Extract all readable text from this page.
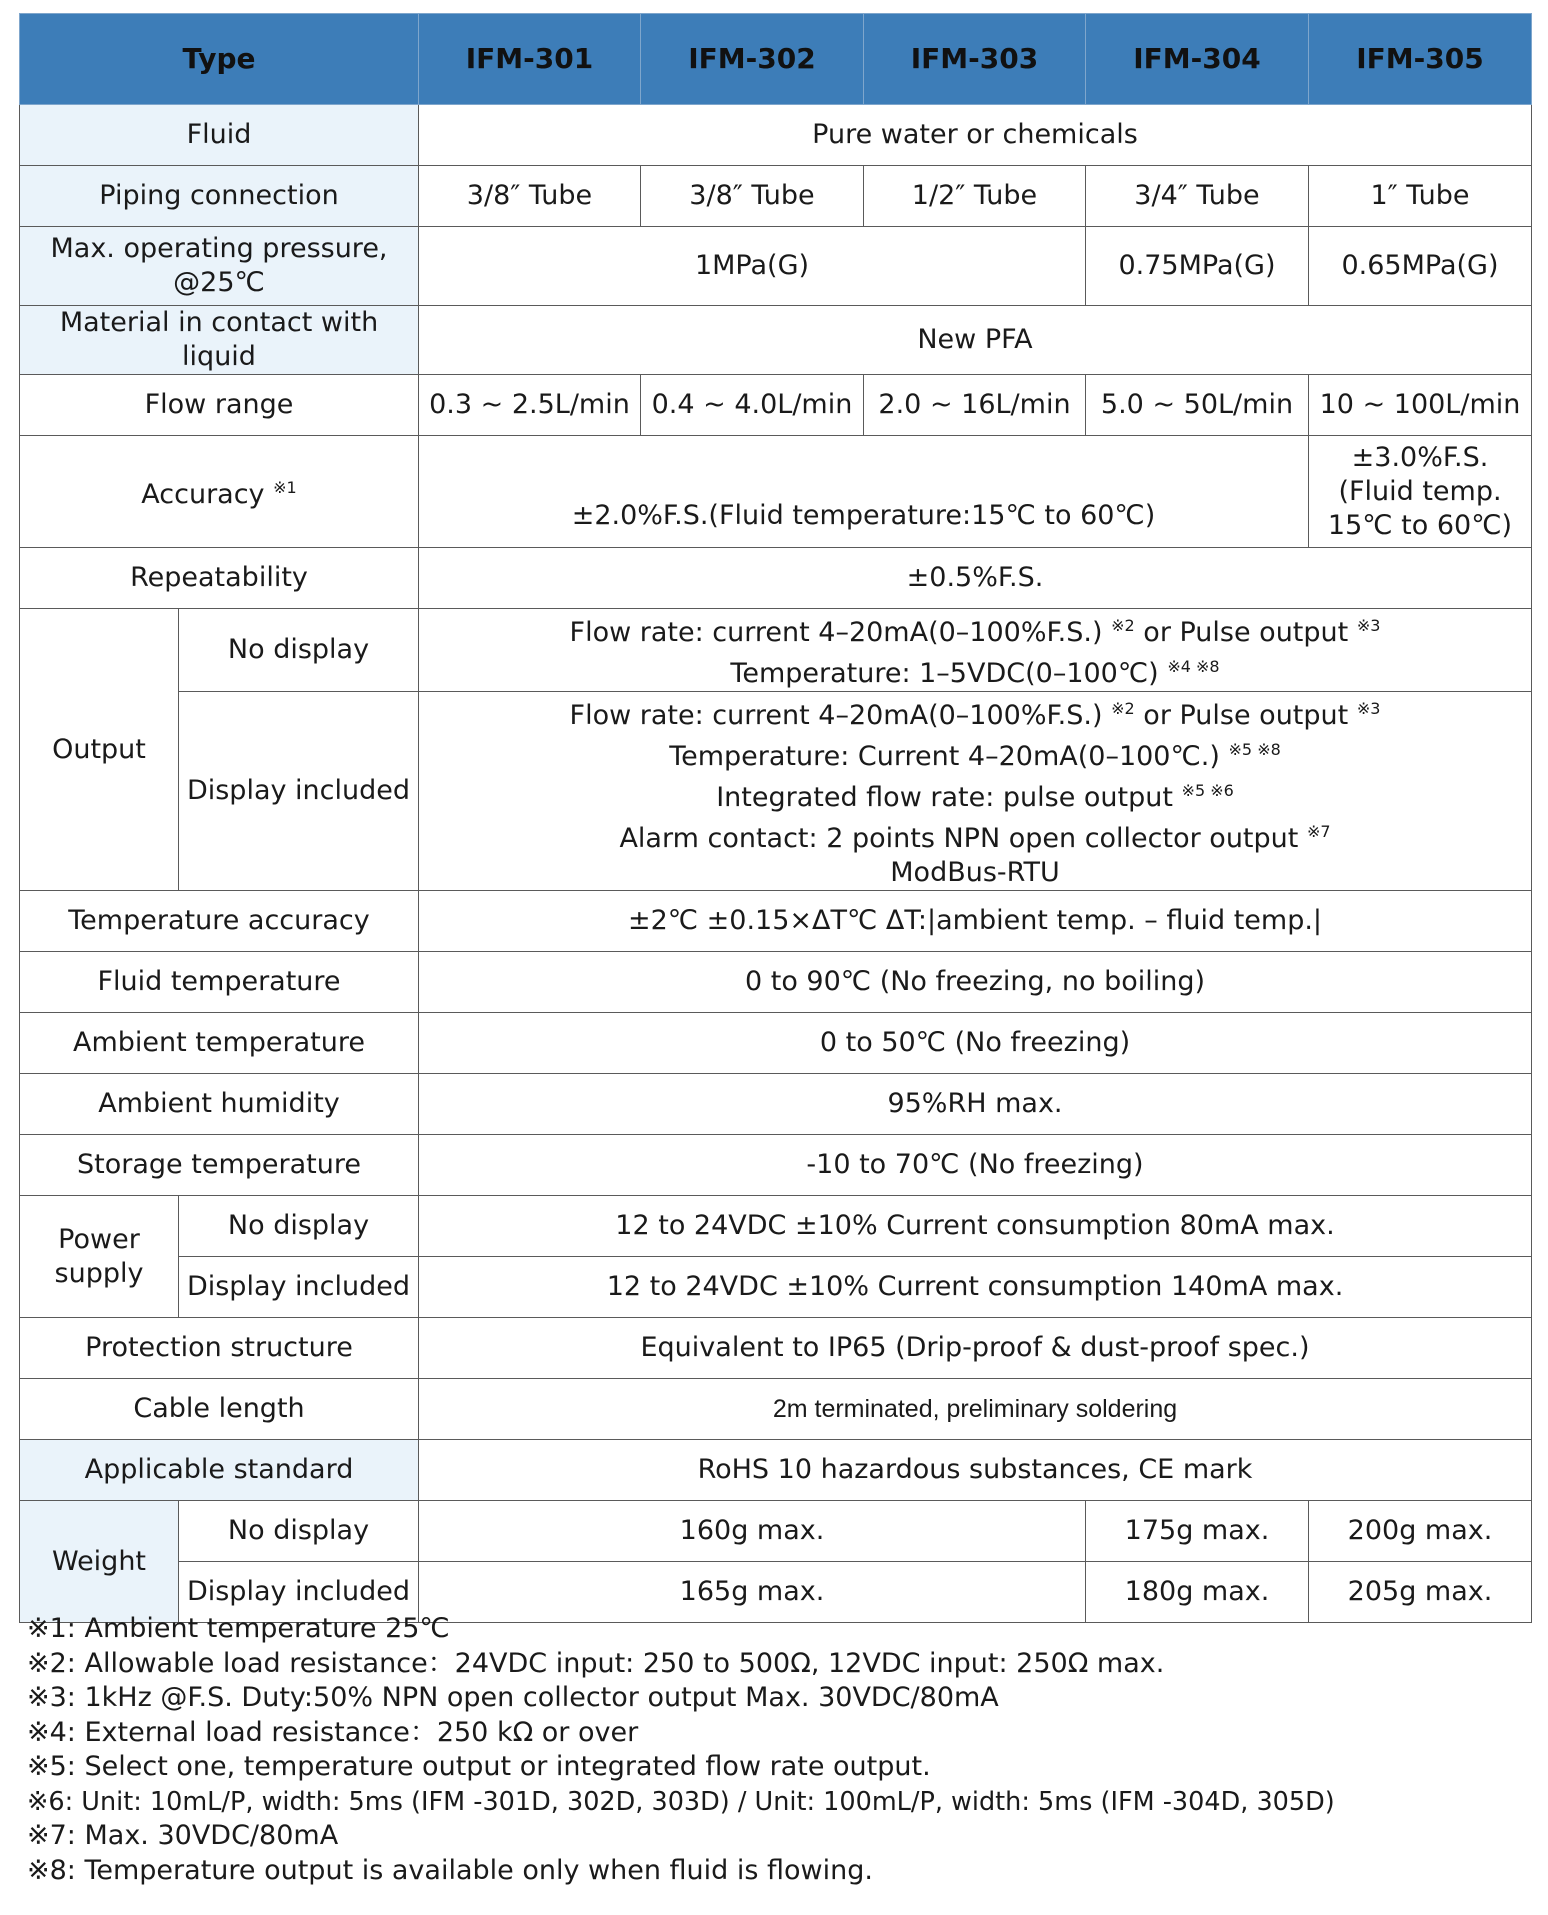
Type		IFM-301	IFM-302	IFM-303	IFM-304	IFM-305
Fluid		Pure water or chemicals				
Piping connection		3/8″ Tube	3/8″ Tube	1/2″ Tube	3/4″ Tube	1″ Tube

Max. operating pressure,
@25℃		1MPa(G)			0.75MPa(G)	0.65MPa(G)
Material in contact with liquid		New PFA				
Flow range		0.3 ~ 2.5L/min	0.4 ~ 4.0L/min	2.0 ~ 16L/min	5.0 ~ 50L/min	10 ~ 100L/min
Accuracy $^{※1}$		±2.0%F.S.(Fluid temperature:15℃ to 60℃)				±3.0%F.S.
(Fluid temp.
15℃ to 60℃)

Repeatability		±0.5%F.S.				
Output	No display	Flow rate: current 4–20mA(0–100%F.S.) $^{※2}$ or Pulse output $^{※3}$
Temperature: 1–5VDC(0–100℃) $^{※4 ※8}$

	Display included	Flow rate: current 4–20mA(0–100%F.S.) $^{※2}$ or Pulse output $^{※3}$
Temperature: Current 4–20mA(0–100℃.) $^{※5 ※8}$
Integrated flow rate: pulse output $^{※5 ※6}$
Alarm contact: 2 points NPN open collector output $^{※7}$
ModBus-RTU				

Temperature accuracy		±2℃ ±0.15×ΔT℃ ΔT:|ambient temp. – fluid temp.|				
Fluid temperature		0 to 90℃ (No freezing, no boiling)				
Ambient temperature		0 to 50℃ (No freezing)				
Ambient humidity		95%RH max.				
Storage temperature		-10 to 70℃ (No freezing)				

Power
supply	No display	12 to 24VDC ±10% Current consumption 80mA max.				
	Display included	12 to 24VDC ±10% Current consumption 140mA max.				
Protection structure		Equivalent to IP65 (Drip-proof & dust-proof spec.)				
Cable length		2m terminated, preliminary soldering				
Applicable standard		RoHS 10 hazardous substances, CE mark				
Weight	No display	160g max.			175g max.	200g max.
	Display included	165g max.			180g max.	205g max.
※1: Ambient temperature 25℃
※2: Allowable load resistance：24VDC input: 250 to 500Ω, 12VDC input: 250Ω max.
※3: 1kHz @F.S. Duty:50% NPN open collector output Max. 30VDC/80mA
※4: External load resistance：250 kΩ or over
※5: Select one, temperature output or integrated flow rate output.
※6: Unit: 10mL/P, width: 5ms (IFM -301D, 302D, 303D) / Unit: 100mL/P, width: 5ms (IFM -304D, 305D)
※7: Max. 30VDC/80mA
※8: Temperature output is available only when fluid is flowing.
